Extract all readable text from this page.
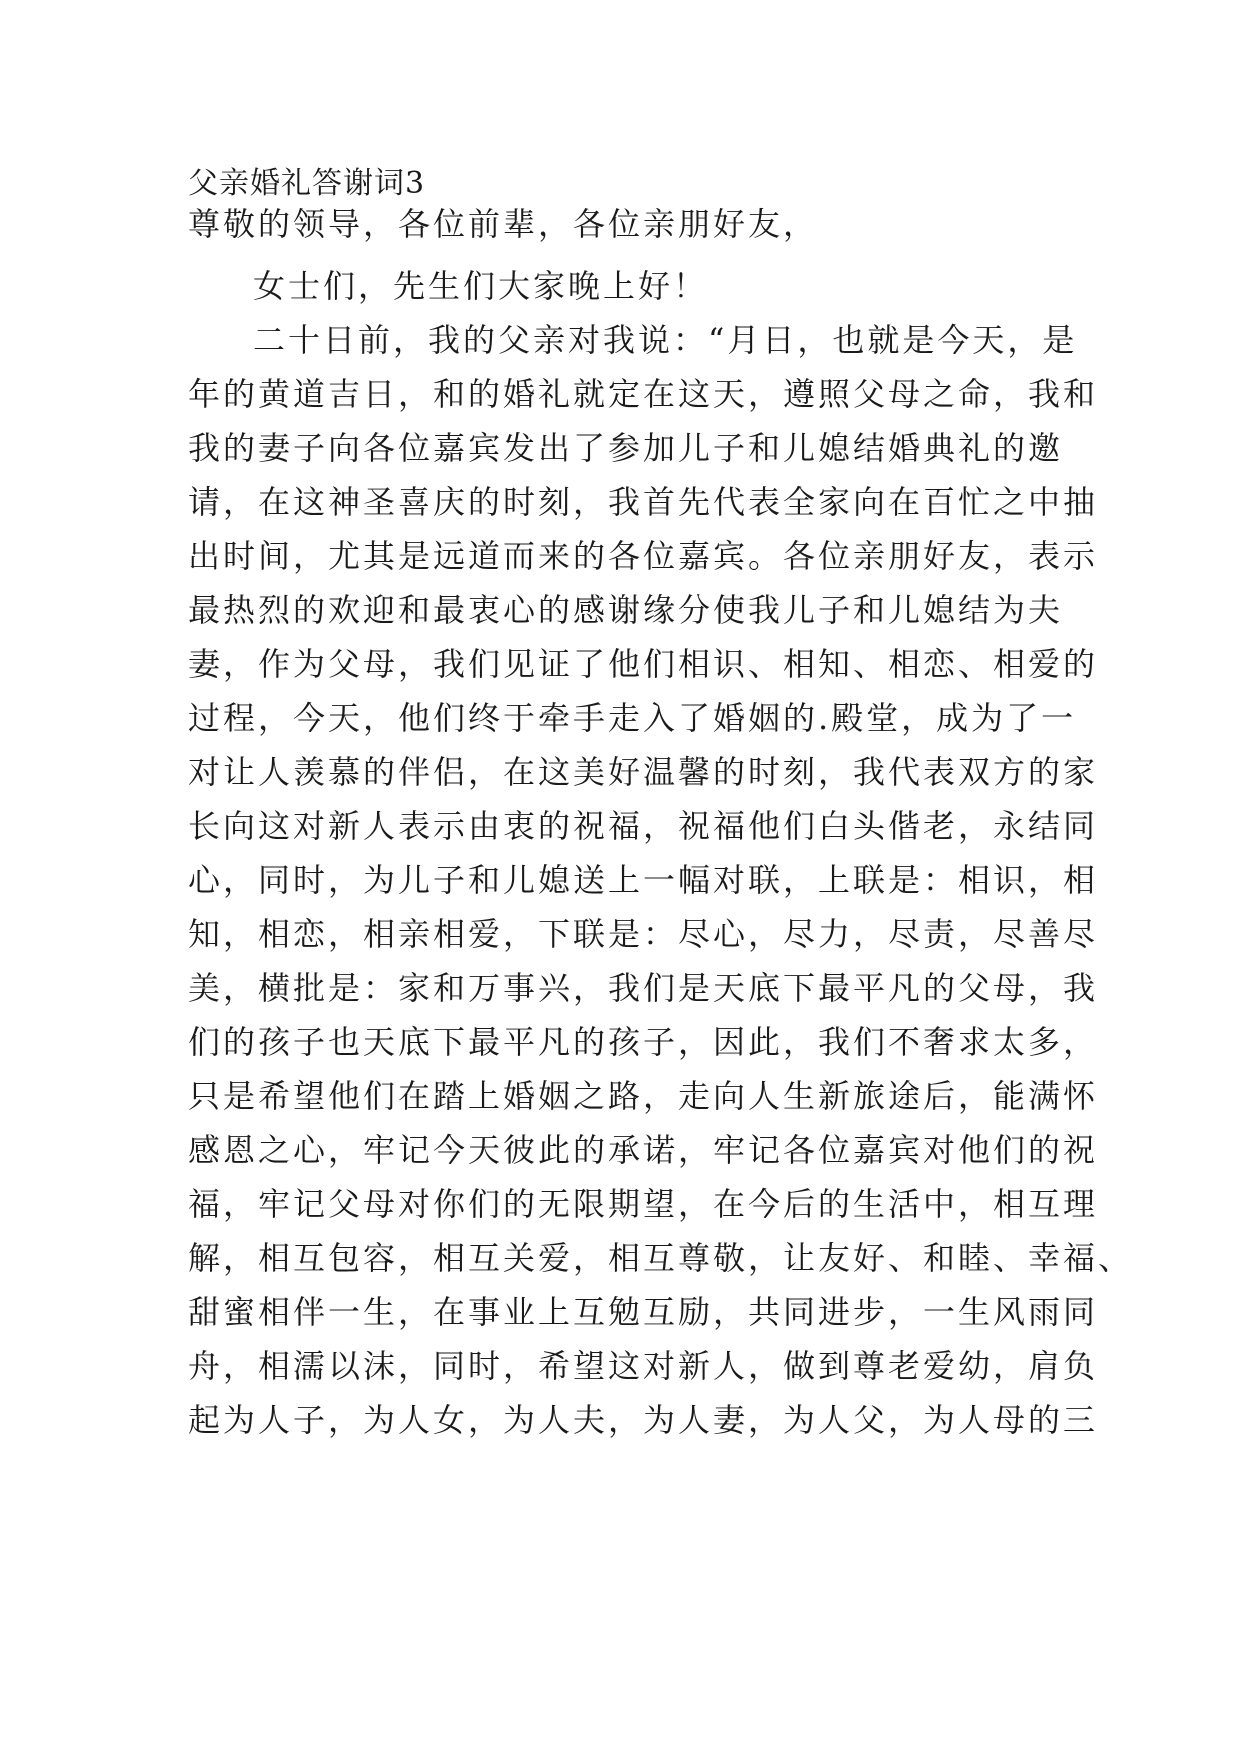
父亲婚礼答谢词3
尊敬的领导，各位前辈，各位亲朋好友，
女士们，先生们大家晚上好！
二十日前，我的父亲对我说：“月日，也就是今天，是
年的黄道吉日，和的婚礼就定在这天，遵照父母之命，我和
我的妻子向各位嘉宾发出了参加儿子和儿媳结婚典礼的邀
请，在这神圣喜庆的时刻，我首先代表全家向在百忙之中抽
出时间，尤其是远道而来的各位嘉宾。各位亲朋好友，表示
最热烈的欢迎和最衷心的感谢缘分使我儿子和儿媳结为夫
妻，作为父母，我们见证了他们相识、相知、相恋、相爱的
过程，今天，他们终于牵手走入了婚姻的.殿堂，成为了一
对让人羡慕的伴侣，在这美好温馨的时刻，我代表双方的家
长向这对新人表示由衷的祝福，祝福他们白头偕老，永结同
心，同时，为儿子和儿媳送上一幅对联，上联是：相识，相
知，相恋，相亲相爱，下联是：尽心，尽力，尽责，尽善尽
美，横批是：家和万事兴，我们是天底下最平凡的父母，我
们的孩子也天底下最平凡的孩子，因此，我们不奢求太多，
只是希望他们在踏上婚姻之路，走向人生新旅途后，能满怀
感恩之心，牢记今天彼此的承诺，牢记各位嘉宾对他们的祝
福，牢记父母对你们的无限期望，在今后的生活中，相互理
解，相互包容，相互关爱，相互尊敬，让友好、和睦、幸福、
甜蜜相伴一生，在事业上互勉互励，共同进步，一生风雨同
舟，相濡以沫，同时，希望这对新人，做到尊老爱幼，肩负
起为人子，为人女，为人夫，为人妻，为人父，为人母的三
